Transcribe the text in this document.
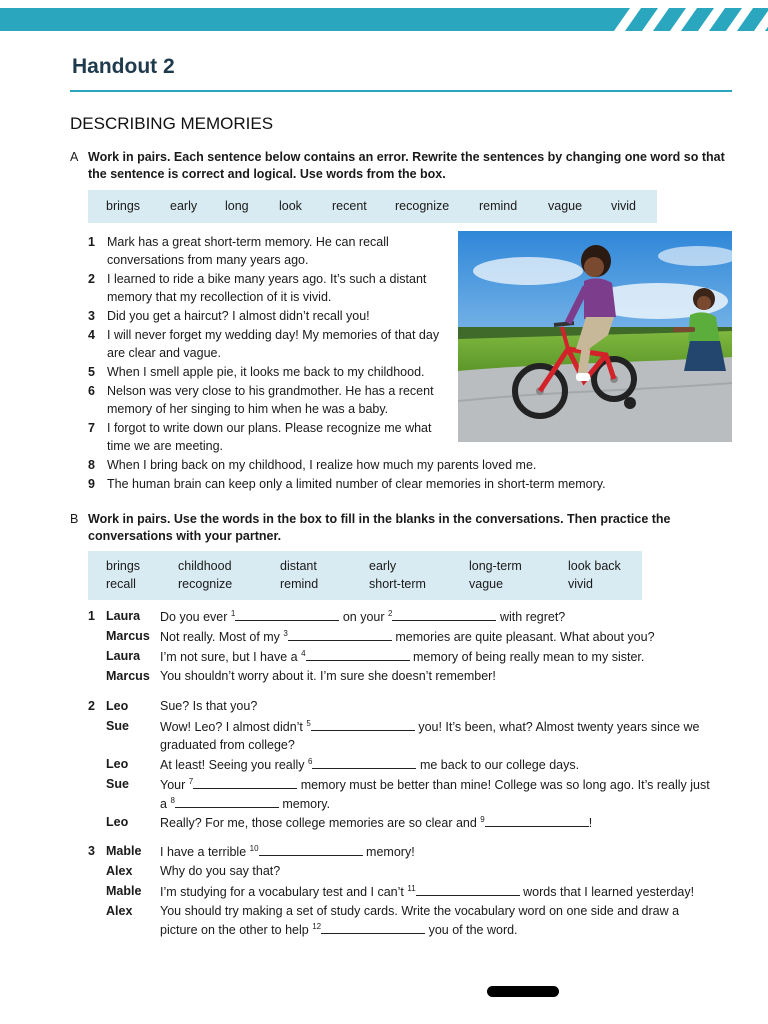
Handout 2
DESCRIBING MEMORIES
A Work in pairs. Each sentence below contains an error. Rewrite the sentences by changing one word so that
the sentence is correct and logical. Use words from the box.
brings early long look recent recognize remind vague vivid
1 Mark has a great short-term memory. He can recall
conversations from many years ago.
2 I learned to ride a bike many years ago. It’s such a distant
memory that my recollection of it is vivid.
3 Did you get a haircut? I almost didn’t recall you!
4 I will never forget my wedding day! My memories of that day
are clear and vague.
5 When I smell apple pie, it looks me back to my childhood.
6 Nelson was very close to his grandmother. He has a recent
memory of her singing to him when he was a baby.
7 I forgot to write down our plans. Please recognize me what
time we are meeting.
8 When I bring back on my childhood, I realize how much my parents loved me.
9 The human brain can keep only a limited number of clear memories in short-term memory.
B Work in pairs. Use the words in the box to fill in the blanks in the conversations. Then practice the
conversations with your partner.
brings	childhood	distant	early	long-term	look back
recall	recognize	remind	short-term	vague	vivid
1 Laura Do you ever $^1$	on your $^2$	with regret?
Marcus Not really. Most of my $^3$	memories are quite pleasant. What about you?
Laura I’m not sure, but I have a $^4$	memory of being really mean to my sister.
Marcus You shouldn’t worry about it. I’m sure she doesn’t remember!
2 Leo	Sue? Is that you?
Sue Wow! Leo? I almost didn’t $^5$	you! It’s been, what? Almost twenty years since we
graduated from college?
Leo	At least! Seeing you really $^6$	me back to our college days.
Sue Your $^7$	memory must be better than mine! College was so long ago. It’s really just
a $^8$	memory.
Leo	Really? For me, those college memories are so clear and $^9$	!
3 Mable I have a terrible $^{10}$	memory!
Alex Why do you say that?
Mable I’m studying for a vocabulary test and I can’t $^{11}$	words that I learned yesterday!
Alex You should try making a set of study cards. Write the vocabulary word on one side and draw a
picture on the other to help $^{12}$	you of the word.
